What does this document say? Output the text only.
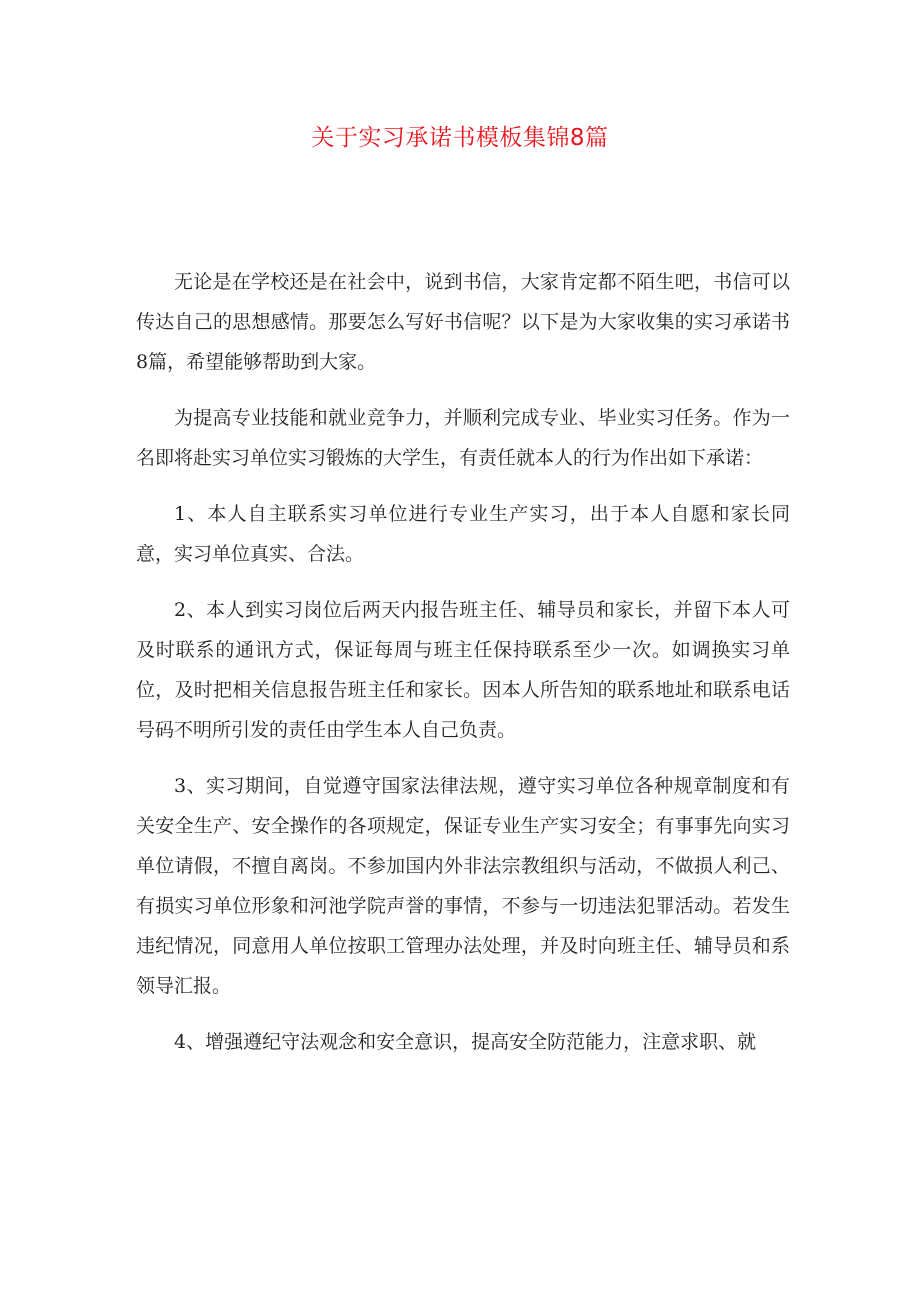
关于实习承诺书模板集锦8篇

无论是在学校还是在社会中，说到书信，大家肯定都不陌生吧，书信可以传达自己的思想感情。那要怎么写好书信呢？以下是为大家收集的实习承诺书8篇，希望能够帮助到大家。

为提高专业技能和就业竞争力，并顺利完成专业、毕业实习任务。作为一名即将赴实习单位实习锻炼的大学生，有责任就本人的行为作出如下承诺：

1、本人自主联系实习单位进行专业生产实习，出于本人自愿和家长同意，实习单位真实、合法。

2、本人到实习岗位后两天内报告班主任、辅导员和家长，并留下本人可及时联系的通讯方式，保证每周与班主任保持联系至少一次。如调换实习单位，及时把相关信息报告班主任和家长。因本人所告知的联系地址和联系电话号码不明所引发的责任由学生本人自己负责。

3、实习期间，自觉遵守国家法律法规，遵守实习单位各种规章制度和有关安全生产、安全操作的各项规定，保证专业生产实习安全；有事事先向实习单位请假，不擅自离岗。不参加国内外非法宗教组织与活动，不做损人利己、有损实习单位形象和河池学院声誉的事情，不参与一切违法犯罪活动。若发生违纪情况，同意用人单位按职工管理办法处理，并及时向班主任、辅导员和系领导汇报。

4、增强遵纪守法观念和安全意识，提高安全防范能力，注意求职、就
